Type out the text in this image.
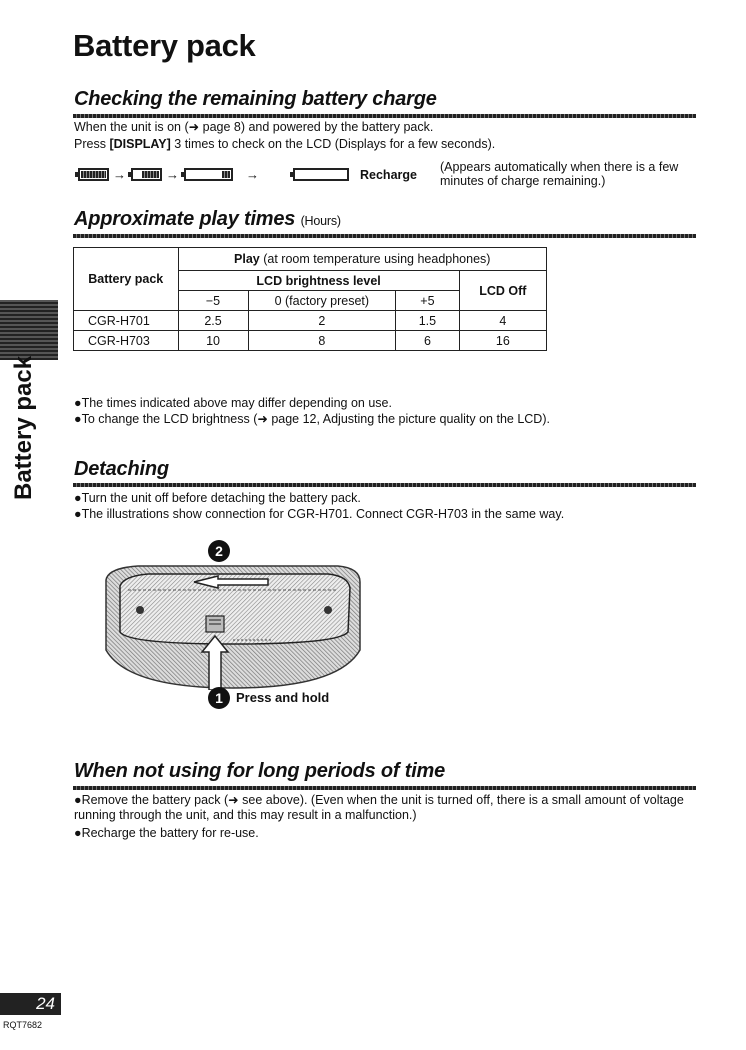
Battery pack
Battery pack
Checking the remaining battery charge
When the unit is on (➜ page 8) and powered by the battery pack.
Press [DISPLAY] 3 times to check on the LCD (Displays for a few seconds).
→	→	→	Recharge
(Appears automatically when there is a few minutes of charge remaining.)
Approximate play times (Hours)
Battery pack	Play (at room temperature using headphones)			
	LCD brightness level			LCD Off
	−5	0 (factory preset)	+5	
CGR-H701	2.5	2	1.5	4
CGR-H703	10	8	6	16
●The times indicated above may differ depending on use.
●To change the LCD brightness (➜ page 12, Adjusting the picture quality on the LCD).
Detaching
●Turn the unit off before detaching the battery pack.
●The illustrations show connection for CGR-H701. Connect CGR-H703 in the same way.
2
1	Press and hold
When not using for long periods of time
●Remove the battery pack (➜ see above). (Even when the unit is turned off, there is a small amount of voltage running through the unit, and this may result in a malfunction.)
●Recharge the battery for re-use.
24
RQT7682
